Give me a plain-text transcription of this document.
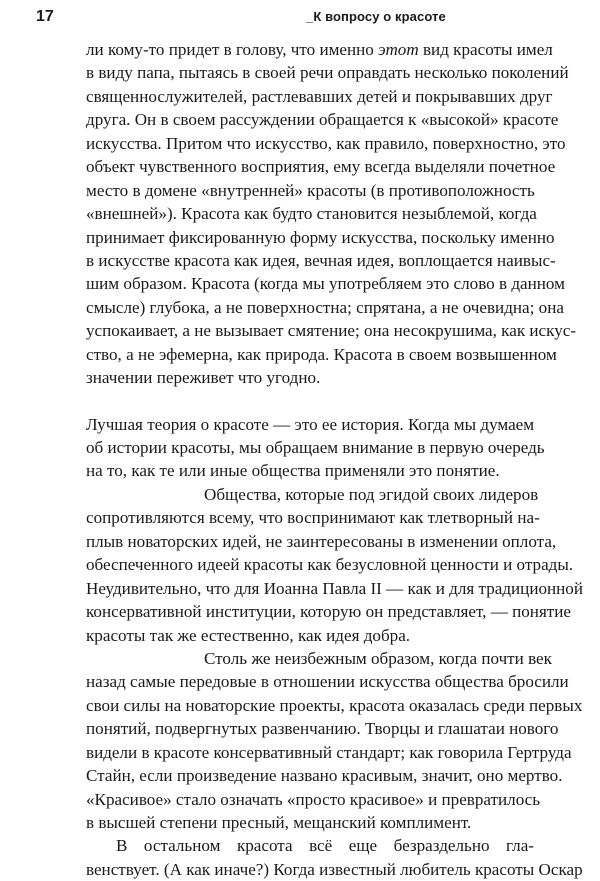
17	_К вопросу о красоте
ли кому-то придет в голову, что именно этот вид красоты имел
в виду папа, пытаясь в своей речи оправдать несколько поколений
священнослужителей, растлевавших детей и покрывавших друг
друга. Он в своем рассуждении обращается к «высокой» красоте
искусства. Притом что искусство, как правило, поверхностно, это
объект чувственного восприятия, ему всегда выделяли почетное
место в домене «внутренней» красоты (в противоположность
«внешней»). Красота как будто становится незыблемой, когда
принимает фиксированную форму искусства, поскольку именно
в искусстве красота как идея, вечная идея, воплощается наивыс-
шим образом. Красота (когда мы употребляем это слово в данном
смысле) глубока, а не поверхностна; спрятана, а не очевидна; она
успокаивает, а не вызывает смятение; она несокрушима, как искус-
ство, а не эфемерна, как природа. Красота в своем возвышенном
значении переживет что угодно.
Лучшая теория о красоте — это ее история. Когда мы думаем
об истории красоты, мы обращаем внимание в первую очередь
на то, как те или иные общества применяли это понятие.
Общества, которые под эгидой своих лидеров
сопротивляются всему, что воспринимают как тлетворный на-
плыв новаторских идей, не заинтересованы в изменении оплота,
обеспеченного идеей красоты как безусловной ценности и отрады.
Неудивительно, что для Иоанна Павла II — как и для традиционной
консервативной институции, которую он представляет, — понятие
красоты так же естественно, как идея добра.
Столь же неизбежным образом, когда почти век
назад самые передовые в отношении искусства общества бросили
свои силы на новаторские проекты, красота оказалась среди первых
понятий, подвергнутых развенчанию. Творцы и глашатаи нового
видели в красоте консервативный стандарт; как говорила Гертруда
Стайн, если произведение названо красивым, значит, оно мертво.
«Красивое» стало означать «просто красивое» и превратилось
в высшей степени пресный, мещанский комплимент.
В остальном красота всё еще безраздельно гла-
венствует. (А как иначе?) Когда известный любитель красоты Оскар
